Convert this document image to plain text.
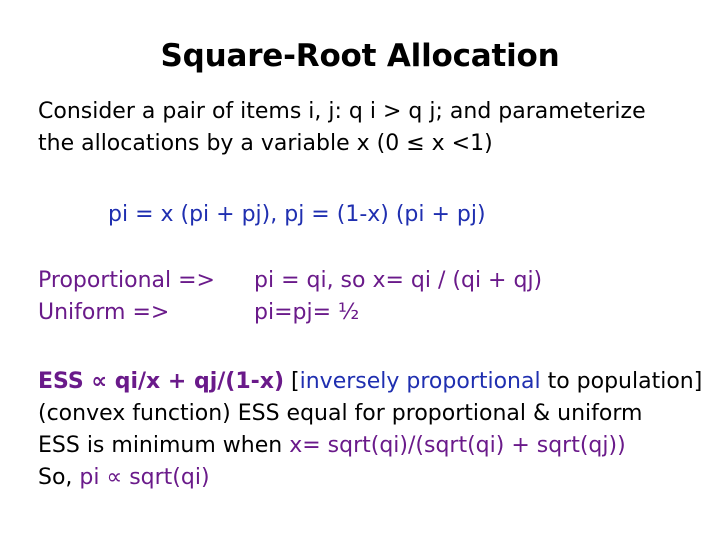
Square-Root Allocation
Consider a pair of items i, j: q i > q j; and parameterize
the allocations by a variable x (0 ≤ x <1)
pi = x (pi + pj), pj = (1-x) (pi + pj)
Proportional => pi = qi, so x= qi / (qi + qj)
Uniform =>	pi=pj= ½
ESS ∝ qi/x + qj/(1-x) [inversely proportional to population]
(convex function) ESS equal for proportional & uniform
ESS is minimum when x= sqrt(qi)/(sqrt(qi) + sqrt(qj))
So, pi ∝ sqrt(qi)
